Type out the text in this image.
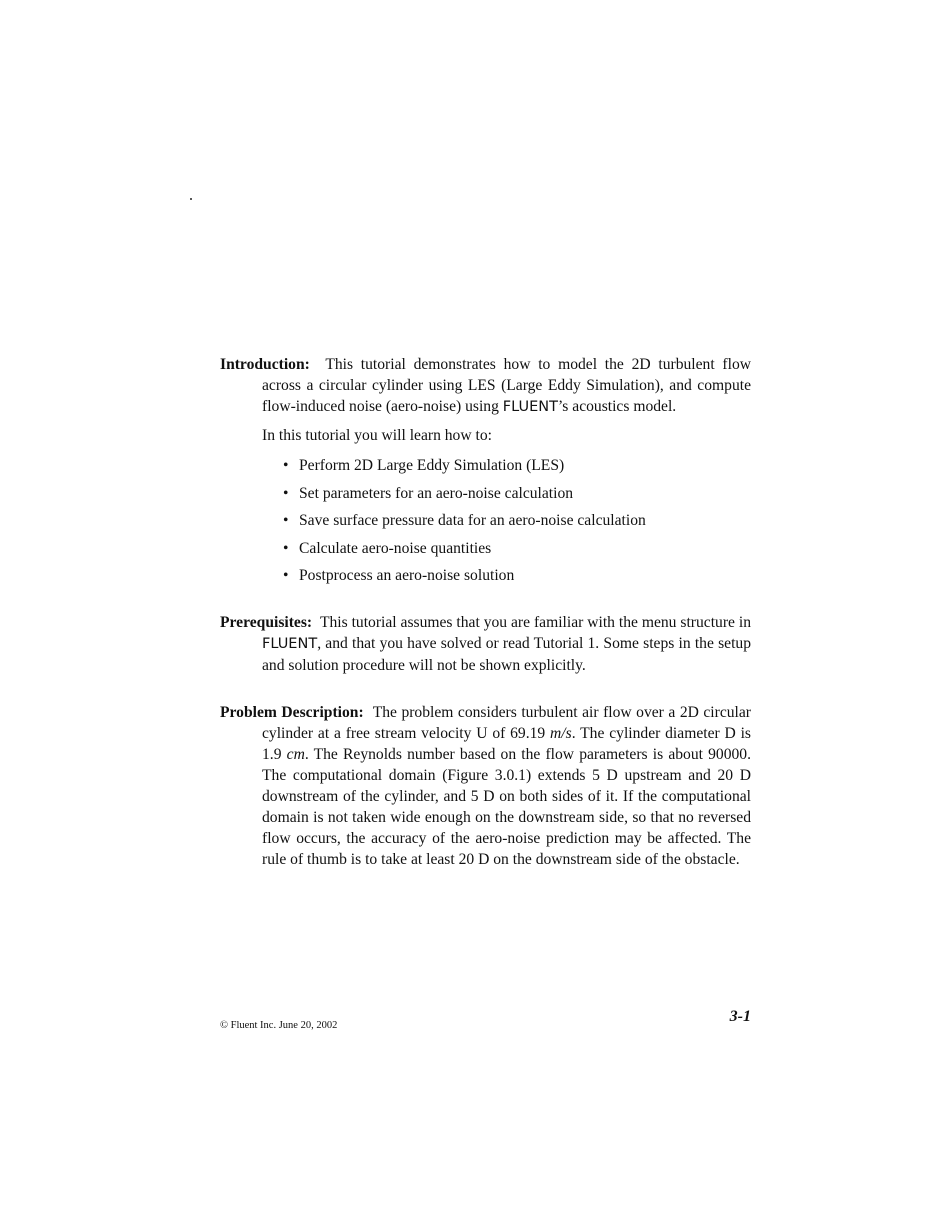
Introduction: This tutorial demonstrates how to model the 2D turbulent flow across a circular cylinder using LES (Large Eddy Simulation), and compute flow-induced noise (aero-noise) using FLUENT’s acoustics model.

In this tutorial you will learn how to:

• Perform 2D Large Eddy Simulation (LES)
• Set parameters for an aero-noise calculation
• Save surface pressure data for an aero-noise calculation
• Calculate aero-noise quantities
• Postprocess an aero-noise solution

Prerequisites: This tutorial assumes that you are familiar with the menu structure in FLUENT, and that you have solved or read Tutorial 1. Some steps in the setup and solution procedure will not be shown explicitly.

Problem Description: The problem considers turbulent air flow over a 2D circular cylinder at a free stream velocity U of 69.19 m/s. The cylinder diameter D is 1.9 cm. The Reynolds number based on the flow parameters is about 90000. The computational domain (Figure 3.0.1) extends 5 D upstream and 20 D downstream of the cylinder, and 5 D on both sides of it. If the computational domain is not taken wide enough on the downstream side, so that no reversed flow occurs, the accuracy of the aero-noise prediction may be affected. The rule of thumb is to take at least 20 D on the downstream side of the obstacle.

© Fluent Inc. June 20, 2002
3-1
